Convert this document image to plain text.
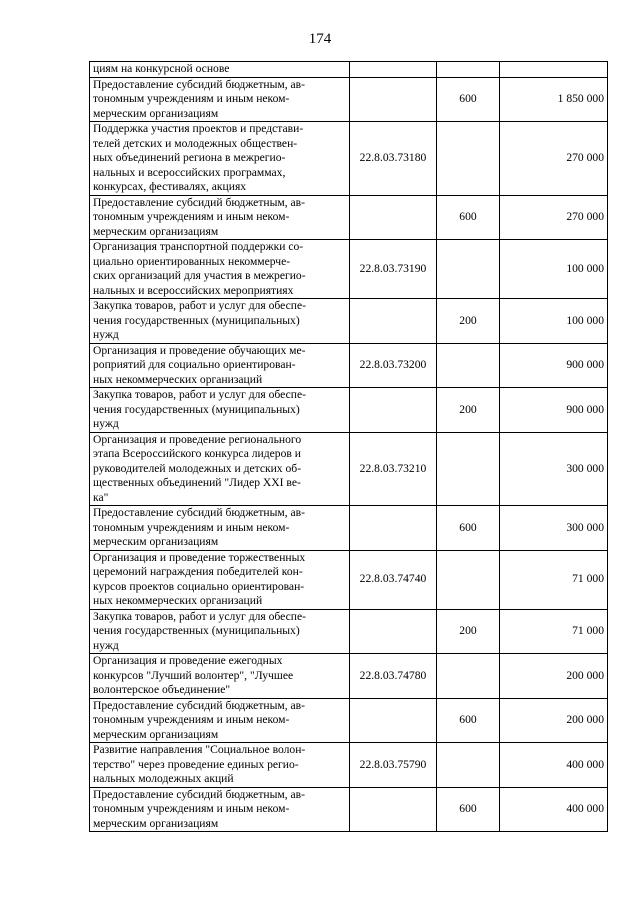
174
циям на конкурсной основе			
Предоставление субсидий бюджетным, ав-
тономным учреждениям и иным неком-
мерческим организациям		600	1 850 000
Поддержка участия проектов и представи-
телей детских и молодежных обществен-
ных объединений региона в межрегио-
нальных и всероссийских программах,
конкурсах, фестивалях, акциях	22.8.03.73180		270 000
Предоставление субсидий бюджетным, ав-
тономным учреждениям и иным неком-
мерческим организациям		600	270 000
Организация транспортной поддержки со-
циально ориентированных некоммерче-
ских организаций для участия в межрегио-
нальных и всероссийских мероприятиях	22.8.03.73190		100 000
Закупка товаров, работ и услуг для обеспе-
чения государственных (муниципальных)
нужд		200	100 000
Организация и проведение обучающих ме-
роприятий для социально ориентирован-
ных некоммерческих организаций	22.8.03.73200		900 000
Закупка товаров, работ и услуг для обеспе-
чения государственных (муниципальных)
нужд		200	900 000
Организация и проведение регионального
этапа Всероссийского конкурса лидеров и
руководителей молодежных и детских об-
щественных объединений "Лидер XXI ве-
ка"	22.8.03.73210		300 000
Предоставление субсидий бюджетным, ав-
тономным учреждениям и иным неком-
мерческим организациям		600	300 000
Организация и проведение торжественных
церемоний награждения победителей кон-
курсов проектов социально ориентирован-
ных некоммерческих организаций	22.8.03.74740		71 000
Закупка товаров, работ и услуг для обеспе-
чения государственных (муниципальных)
нужд		200	71 000
Организация и проведение ежегодных
конкурсов "Лучший волонтер", "Лучшее
волонтерское объединение"	22.8.03.74780		200 000
Предоставление субсидий бюджетным, ав-
тономным учреждениям и иным неком-
мерческим организациям		600	200 000
Развитие направления "Социальное волон-
терство" через проведение единых регио-
нальных молодежных акций	22.8.03.75790		400 000
Предоставление субсидий бюджетным, ав-
тономным учреждениям и иным неком-
мерческим организациям		600	400 000
